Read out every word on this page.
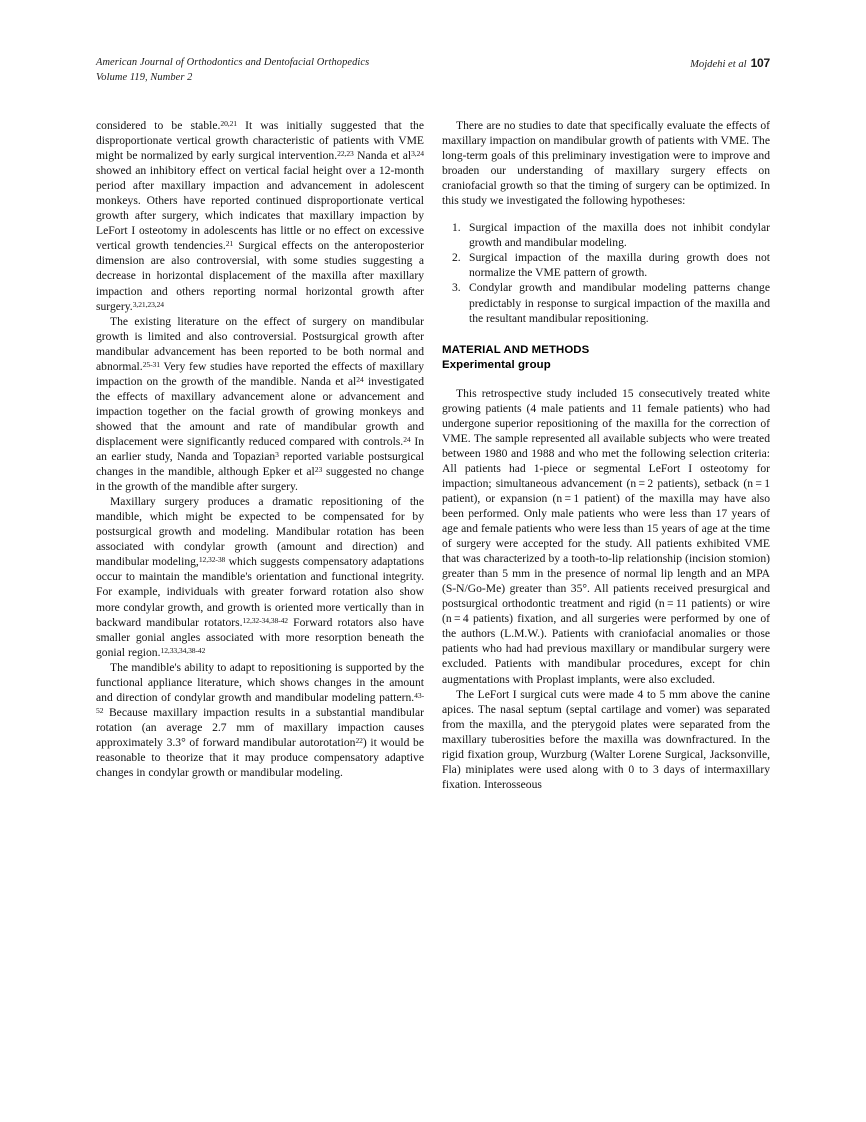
American Journal of Orthodontics and Dentofacial Orthopedics
Volume 119, Number 2
Mojdehi et al 107

considered to be stable.$^{20,21}$ It was initially suggested that the disproportionate vertical growth characteristic of patients with VME might be normalized by early surgical intervention.$^{22,23}$ Nanda et al$^{3,24}$ showed an inhibitory effect on vertical facial height over a 12-month period after maxillary impaction and advancement in adolescent monkeys. Others have reported continued disproportionate vertical growth after surgery, which indicates that maxillary impaction by LeFort I osteotomy in adolescents has little or no effect on excessive vertical growth tendencies.$^{21}$ Surgical effects on the anteroposterior dimension are also controversial, with some studies suggesting a decrease in horizontal displacement of the maxilla after maxillary impaction and others reporting normal horizontal growth after surgery.$^{3,21,23,24}$

The existing literature on the effect of surgery on mandibular growth is limited and also controversial. Postsurgical growth after mandibular advancement has been reported to be both normal and abnormal.$^{25-31}$ Very few studies have reported the effects of maxillary impaction on the growth of the mandible. Nanda et $al^{24}$ investigated the effects of maxillary advancement alone or advancement and impaction together on the facial growth of growing monkeys and showed that the amount and rate of mandibular growth and displacement were significantly reduced compared with controls.$^{24}$ In an earlier study, Nanda and Topazian$^3$ reported variable postsurgical changes in the mandible, although Epker et $al^{23}$ suggested no change in the growth of the mandible after surgery.

Maxillary surgery produces a dramatic repositioning of the mandible, which might be expected to be compensated for by postsurgical growth and modeling. Mandibular rotation has been associated with condylar growth (amount and direction) and mandibular modeling,$^{12,32-38}$ which suggests compensatory adaptations occur to maintain the mandible's orientation and functional integrity. For example, individuals with greater forward rotation also show more condylar growth, and growth is oriented more vertically than in backward mandibular rotators.$^{12,32-34,38-42}$ Forward rotators also have smaller gonial angles associated with more resorption beneath the gonial region.$^{12,33,34,38-42}$

The mandible's ability to adapt to repositioning is supported by the functional appliance literature, which shows changes in the amount and direction of condylar growth and mandibular modeling pattern.$^{43-52}$ Because maxillary impaction results in a substantial mandibular rotation (an average 2.7 mm of maxillary impaction causes approximately 3.3° of forward mandibular autorotation$^{22}$) it would be reasonable to theorize that it may produce compensatory adaptive changes in condylar growth or mandibular modeling.

There are no studies to date that specifically evaluate the effects of maxillary impaction on mandibular growth of patients with VME. The long-term goals of this preliminary investigation were to improve and broaden our understanding of maxillary surgery effects on craniofacial growth so that the timing of surgery can be optimized. In this study we investigated the following hypotheses:

Surgical impaction of the maxilla does not inhibit condylar growth and mandibular modeling.
Surgical impaction of the maxilla during growth does not normalize the VME pattern of growth.
Condylar growth and mandibular modeling patterns change predictably in response to surgical impaction of the maxilla and the resultant mandibular repositioning.
MATERIAL AND METHODS
Experimental group

This retrospective study included 15 consecutively treated white growing patients (4 male patients and 11 female patients) who had undergone superior repositioning of the maxilla for the correction of VME. The sample represented all available subjects who were treated between 1980 and 1988 and who met the following selection criteria: All patients had 1-piece or segmental LeFort I osteotomy for impaction; simultaneous advancement (n = 2 patients), setback (n = 1 patient), or expansion (n = 1 patient) of the maxilla may have also been performed. Only male patients who were less than 17 years of age and female patients who were less than 15 years of age at the time of surgery were accepted for the study. All patients exhibited VME that was characterized by a tooth-to-lip relationship (incision stomion) greater than 5 mm in the presence of normal lip length and an MPA (S-N/Go-Me) greater than 35°. All patients received presurgical and postsurgical orthodontic treatment and rigid (n = 11 patients) or wire (n = 4 patients) fixation, and all surgeries were performed by one of the authors (L.M.W.). Patients with craniofacial anomalies or those patients who had had previous maxillary or mandibular surgery were excluded. Patients with mandibular procedures, except for chin augmentations with Proplast implants, were also excluded.

The LeFort I surgical cuts were made 4 to 5 mm above the canine apices. The nasal septum (septal cartilage and vomer) was separated from the maxilla, and the pterygoid plates were separated from the maxillary tuberosities before the maxilla was downfractured. In the rigid fixation group, Wurzburg (Walter Lorene Surgical, Jacksonville, Fla) miniplates were used along with 0 to 3 days of intermaxillary fixation. Interosseous
